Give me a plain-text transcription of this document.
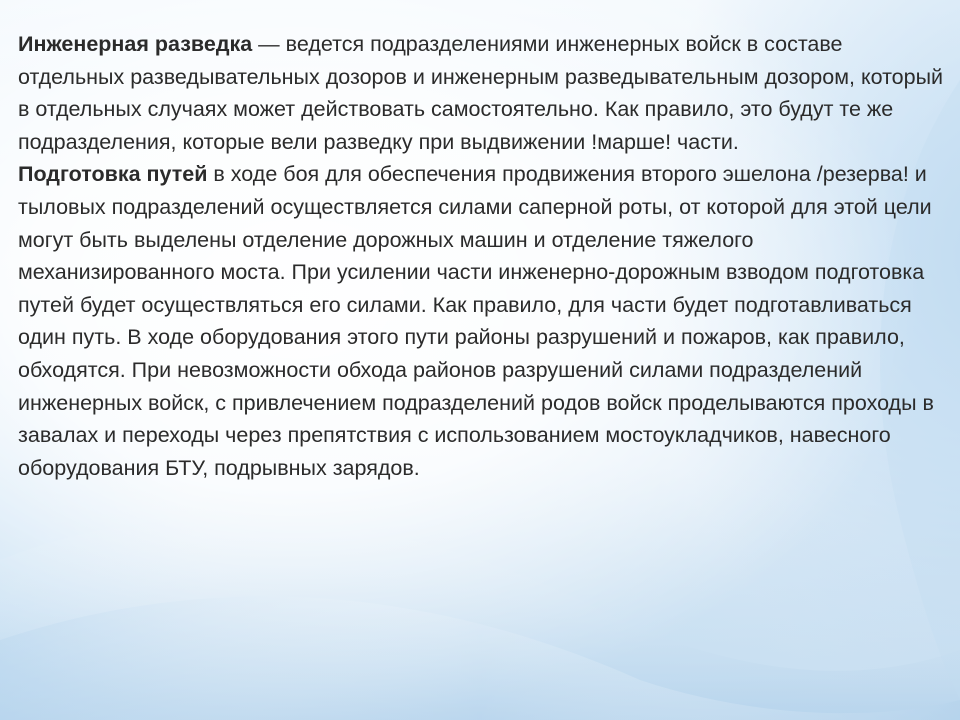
Инженерная разведка — ведется подразделениями инженерных войск в составе отдельных разведывательных дозоров и инженерным разведывательным дозором, который в отдельных случаях может действовать самостоятельно. Как правило, это будут те же подразделения, которые вели разведку при выдвижении !марше! части.

Подготовка путей в ходе боя для обеспечения продвижения второго эшелона /резерва! и тыловых подразделений осуществляется силами саперной роты, от которой для этой цели могут быть выделены отделение дорожных машин и отделение тяжелого механизированного моста. При усилении части инженерно-дорожным взводом подготовка путей будет осуществляться его силами. Как правило, для части будет подготавливаться один путь. В ходе оборудования этого пути районы разрушений и пожаров, как правило, обходятся. При невозможности обхода районов разрушений силами подразделений инженерных войск, с привлечением подразделений родов войск проделываются проходы в завалах и переходы через препятствия с использованием мостоукладчиков, навесного оборудования БТУ, подрывных зарядов.
